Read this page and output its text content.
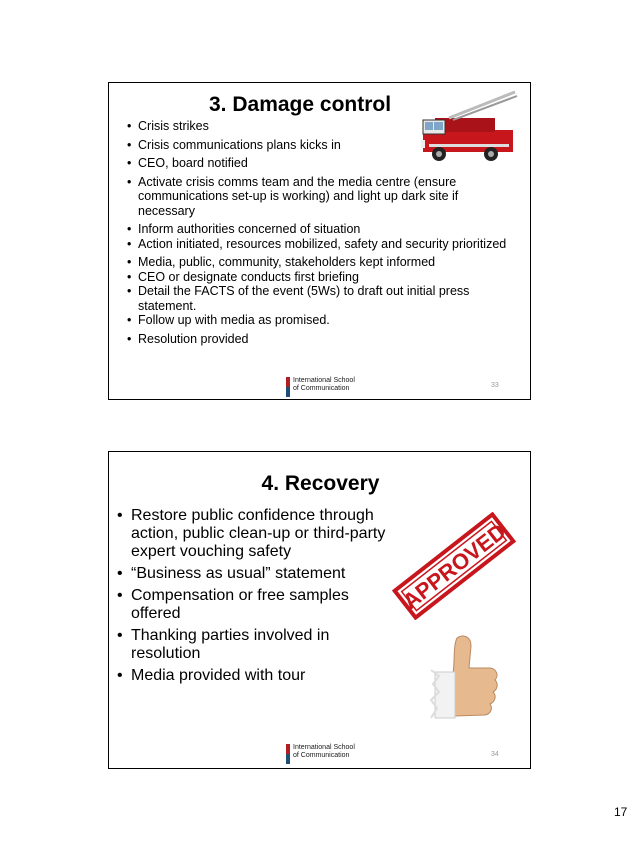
3. Damage control
• Crisis strikes
• Crisis communications plans kicks in
• CEO, board notified
• Activate crisis comms team and the media centre (ensure communications set-up is working) and light up dark site if necessary
• Inform authorities concerned of situation
• Action initiated, resources mobilized, safety and security prioritized
• Media, public, community, stakeholders kept informed
• CEO or designate conducts first briefing
• Detail the FACTS of the event (5Ws) to draft out initial press statement.
• Follow up with media as promised.
• Resolution provided
International School
of Communication	33
4. Recovery
• Restore public confidence through action, public clean-up or third-party expert vouching safety
• “Business as usual” statement
• Compensation or free samples offered
• Thanking parties involved in resolution
• Media provided with tour
APPROVED
International School
of Communication	34
17
